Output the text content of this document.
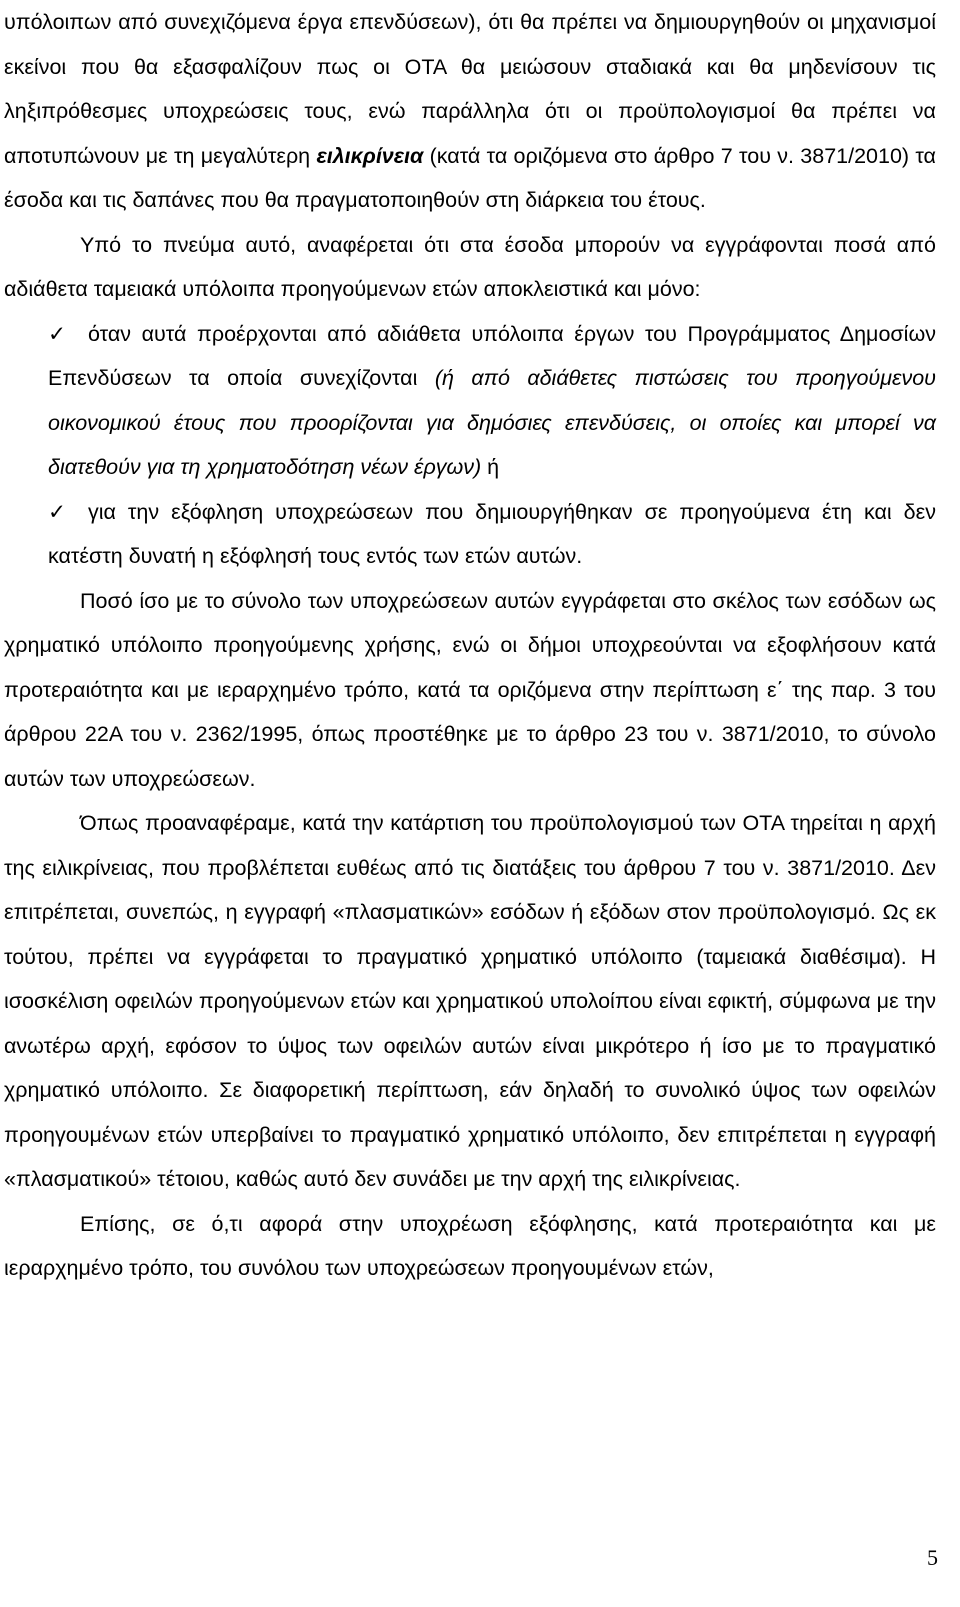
υπόλοιπων από συνεχιζόμενα έργα επενδύσεων), ότι θα πρέπει να δημιουργηθούν οι μηχανισμοί εκείνοι που θα εξασφαλίζουν πως οι ΟΤΑ θα μειώσουν σταδιακά και θα μηδενίσουν τις ληξιπρόθεσμες υποχρεώσεις τους, ενώ παράλληλα ότι οι προϋπολογισμοί θα πρέπει να αποτυπώνουν με τη μεγαλύτερη ειλικρίνεια (κατά τα οριζόμενα στο άρθρο 7 του ν. 3871/2010) τα έσοδα και τις δαπάνες που θα πραγματοποιηθούν στη διάρκεια του έτους.

Υπό το πνεύμα αυτό, αναφέρεται ότι στα έσοδα μπορούν να εγγράφονται ποσά από αδιάθετα ταμειακά υπόλοιπα προηγούμενων ετών αποκλειστικά και μόνο:

✓ όταν αυτά προέρχονται από αδιάθετα υπόλοιπα έργων του Προγράμματος Δημοσίων Επενδύσεων τα οποία συνεχίζονται (ή από αδιάθετες πιστώσεις του προηγούμενου οικονομικού έτους που προορίζονται για δημόσιες επενδύσεις, οι οποίες και μπορεί να διατεθούν για τη χρηματοδότηση νέων έργων) ή
✓ για την εξόφληση υποχρεώσεων που δημιουργήθηκαν σε προηγούμενα έτη και δεν κατέστη δυνατή η εξόφλησή τους εντός των ετών αυτών.

Ποσό ίσο με το σύνολο των υποχρεώσεων αυτών εγγράφεται στο σκέλος των εσόδων ως χρηματικό υπόλοιπο προηγούμενης χρήσης, ενώ οι δήμοι υποχρεούνται να εξοφλήσουν κατά προτεραιότητα και με ιεραρχημένο τρόπο, κατά τα οριζόμενα στην περίπτωση ε΄ της παρ. 3 του άρθρου 22Α του ν. 2362/1995, όπως προστέθηκε με το άρθρο 23 του ν. 3871/2010, το σύνολο αυτών των υποχρεώσεων.

Όπως προαναφέραμε, κατά την κατάρτιση του προϋπολογισμού των ΟΤΑ τηρείται η αρχή της ειλικρίνειας, που προβλέπεται ευθέως από τις διατάξεις του άρθρου 7 του ν. 3871/2010. Δεν επιτρέπεται, συνεπώς, η εγγραφή «πλασματικών» εσόδων ή εξόδων στον προϋπολογισμό. Ως εκ τούτου, πρέπει να εγγράφεται το πραγματικό χρηματικό υπόλοιπο (ταμειακά διαθέσιμα). Η ισοσκέλιση οφειλών προηγούμενων ετών και χρηματικού υπολοίπου είναι εφικτή, σύμφωνα με την ανωτέρω αρχή, εφόσον το ύψος των οφειλών αυτών είναι μικρότερο ή ίσο με το πραγματικό χρηματικό υπόλοιπο. Σε διαφορετική περίπτωση, εάν δηλαδή το συνολικό ύψος των οφειλών προηγουμένων ετών υπερβαίνει το πραγματικό χρηματικό υπόλοιπο, δεν επιτρέπεται η εγγραφή «πλασματικού» τέτοιου, καθώς αυτό δεν συνάδει με την αρχή της ειλικρίνειας.

Επίσης, σε ό,τι αφορά στην υποχρέωση εξόφλησης, κατά προτεραιότητα και με ιεραρχημένο τρόπο, του συνόλου των υποχρεώσεων προηγουμένων ετών,

5
